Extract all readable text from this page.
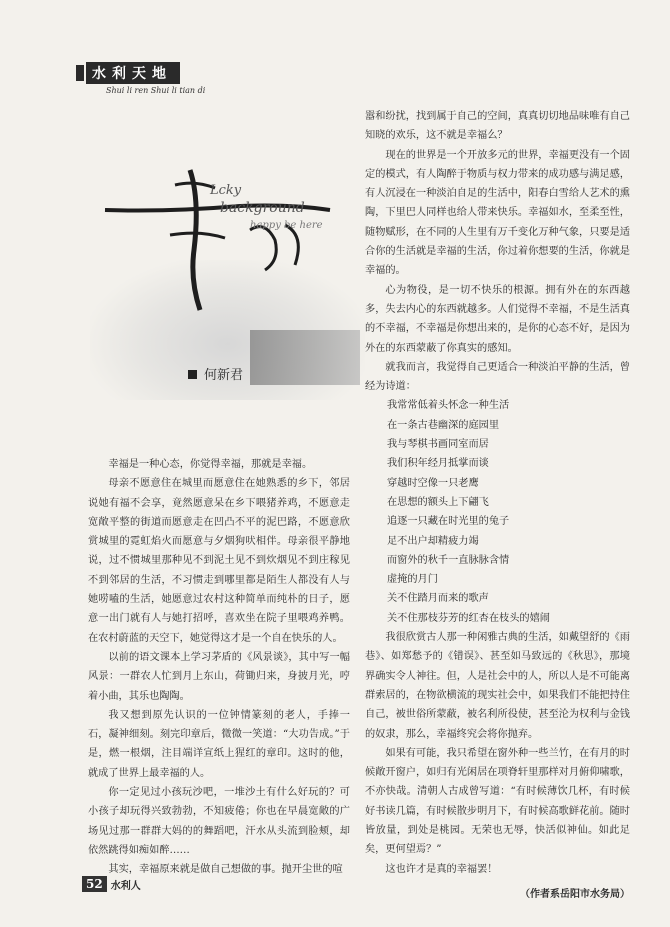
水利天地
Shui li ren Shui li tian di
Lcky
background
happy be here
何新君

幸福是一种心态，你觉得幸福，那就是幸福。

母亲不愿意住在城里而愿意住在她熟悉的乡下，邻居说她有福不会享，竟然愿意呆在乡下喂猪养鸡，不愿意走宽敞平整的街道而愿意走在凹凸不平的泥巴路，不愿意欣赏城里的霓虹焰火而愿意与夕烟狗吠相伴。母亲很平静地说，过不惯城里那种见不到泥土见不到炊烟见不到庄稼见不到邻居的生活，不习惯走到哪里都是陌生人都没有人与她唠嗑的生活，她愿意过农村这种简单而纯朴的日子，愿意一出门就有人与她打招呼，喜欢坐在院子里喂鸡养鸭。在农村蔚蓝的天空下，她觉得这才是一个自在快乐的人。

以前的语文课本上学习茅盾的《风景谈》，其中写一幅风景：一群农人忙到月上东山，荷锄归来，身披月光，哼着小曲，其乐也陶陶。

我又想到原先认识的一位钟情篆刻的老人，手捧一石，凝神细刻。刻完印章后，微微一笑道：“大功告成。”于是，燃一根烟，注目端详宣纸上猩红的章印。这时的他，就成了世界上最幸福的人。

你一定见过小孩玩沙吧，一堆沙土有什么好玩的？可小孩子却玩得兴致勃勃，不知疲倦；你也在早晨宽敞的广场见过那一群群大妈的的舞蹈吧，汗水从头流到脸颊，却依然跳得如痴如醉……

其实，幸福原来就是做自己想做的事。抛开尘世的喧

嚣和纷扰，找到属于自己的空间，真真切切地品味唯有自己知晓的欢乐，这不就是幸福么？

现在的世界是一个开放多元的世界，幸福更没有一个固定的模式，有人陶醉于物质与权力带来的成功感与满足感，有人沉浸在一种淡泊自足的生活中，阳春白雪给人艺术的熏陶，下里巴人同样也给人带来快乐。幸福如水，至柔至性，随物赋形，在不同的人生里有万千变化万种气象，只要是适合你的生活就是幸福的生活，你过着你想要的生活，你就是幸福的。

心为物役，是一切不快乐的根源。拥有外在的东西越多，失去内心的东西就越多。人们觉得不幸福，不是生活真的不幸福，不幸福是你想出来的，是你的心态不好，是因为外在的东西蒙蔽了你真实的感知。

就我而言，我觉得自己更适合一种淡泊平静的生活，曾经为诗道：

我常常低着头怀念一种生活
在一条古巷幽深的庭园里
我与琴棋书画同室而居
我们积年经月抵掌而谈
穿越时空像一只老鹰
在思想的额头上下翩飞
追逐一只藏在时光里的兔子
足不出户却精疲力竭
而窗外的秋千一直脉脉含情
虚掩的月门
关不住踏月而来的歌声
关不住那枝芬芳的红杏在枝头的嬉闹

我很欣赏古人那一种闲雅古典的生活，如戴望舒的《雨巷》、如郑愁予的《错误》、甚至如马致远的《秋思》，那境界确实令人神往。但，人是社会中的人，所以人是不可能离群索居的，在物欲横流的现实社会中，如果我们不能把持住自己，被世俗所蒙蔽，被名利所役使，甚至沦为权利与金钱的奴隶，那么，幸福终究会将你抛弃。

如果有可能，我只希望在窗外种一些兰竹，在有月的时候敞开窗户，如归有光闲居在项脊轩里那样对月俯仰啸歌，不亦快哉。清朝人古成曾写道：“有时候薄饮几杯，有时候好书读几篇，有时候散步明月下，有时候高歌鲜花前。随时皆放量，到处是桃园。无荣也无辱，快活似神仙。如此足矣，更何望焉？”

这也许才是真的幸福罢！

（作者系岳阳市水务局）
52 水利人
